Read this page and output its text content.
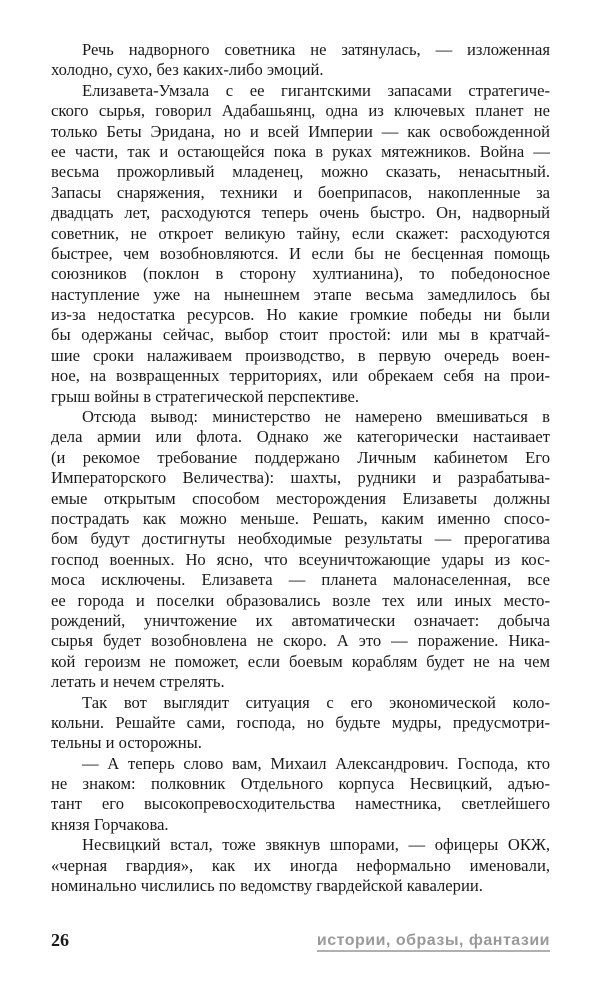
Речь надворного советника не затянулась, — изложенная
холодно, сухо, без каких-либо эмоций.
Елизавета-Умзала с ее гигантскими запасами стратегиче-
ского сырья, говорил Адабашьянц, одна из ключевых планет не
только Беты Эридана, но и всей Империи — как освобожденной
ее части, так и остающейся пока в руках мятежников. Война —
весьма прожорливый младенец, можно сказать, ненасытный.
Запасы снаряжения, техники и боеприпасов, накопленные за
двадцать лет, расходуются теперь очень быстро. Он, надворный
советник, не откроет великую тайну, если скажет: расходуются
быстрее, чем возобновляются. И если бы не бесценная помощь
союзников (поклон в сторону хултианина), то победоносное
наступление уже на нынешнем этапе весьма замедлилось бы
из-за недостатка ресурсов. Но какие громкие победы ни были
бы одержаны сейчас, выбор стоит простой: или мы в кратчай-
шие сроки налаживаем производство, в первую очередь воен-
ное, на возвращенных территориях, или обрекаем себя на прои-
грыш войны в стратегической перспективе.
Отсюда вывод: министерство не намерено вмешиваться в
дела армии или флота. Однако же категорически настаивает
(и рекомое требование поддержано Личным кабинетом Его
Императорского Величества): шахты, рудники и разрабатыва-
емые открытым способом месторождения Елизаветы должны
пострадать как можно меньше. Решать, каким именно спосо-
бом будут достигнуты необходимые результаты — прерогатива
господ военных. Но ясно, что всеуничтожающие удары из кос-
моса исключены. Елизавета — планета малонаселенная, все
ее города и поселки образовались возле тех или иных место-
рождений, уничтожение их автоматически означает: добыча
сырья будет возобновлена не скоро. А это — поражение. Ника-
кой героизм не поможет, если боевым кораблям будет не на чем
летать и нечем стрелять.
Так вот выглядит ситуация с его экономической коло-
кольни. Решайте сами, господа, но будьте мудры, предусмотри-
тельны и осторожны.
— А теперь слово вам, Михаил Александрович. Господа, кто
не знаком: полковник Отдельного корпуса Несвицкий, адъю-
тант его высокопревосходительства наместника, светлейшего
князя Горчакова.
Несвицкий встал, тоже звякнув шпорами, — офицеры ОКЖ,
«черная гвардия», как их иногда неформально именовали,
номинально числились по ведомству гвардейской кавалерии.
26	истории, образы, фантазии
